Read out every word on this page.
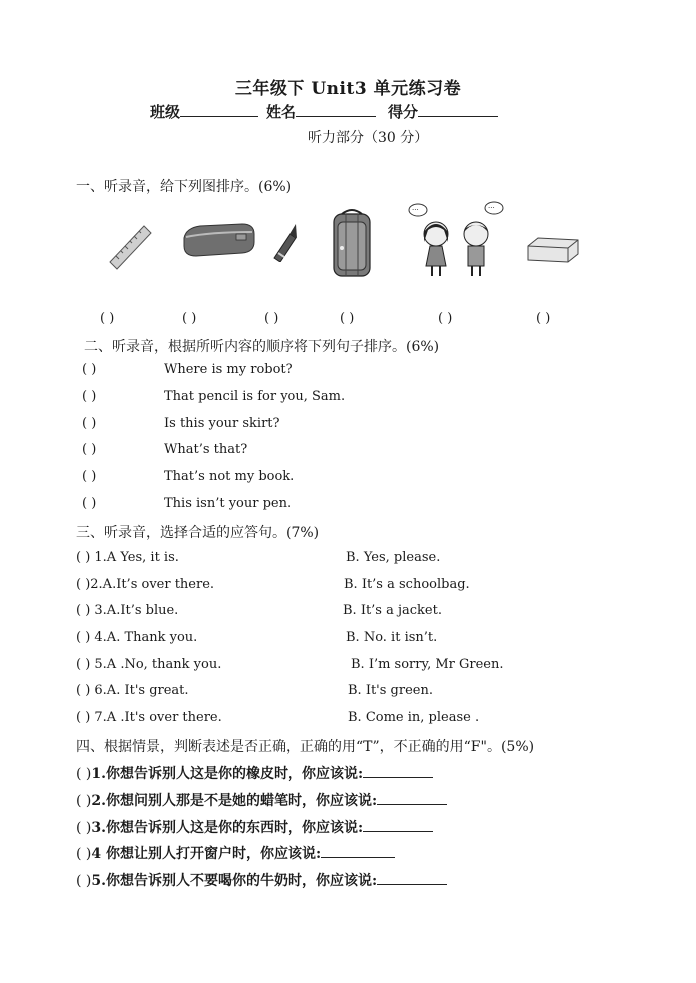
三年级下 Unit3 单元练习卷
班级	姓名	得分
听力部分（30 分）
一、听录音，给下列图排序。(6%)
···	···
( )	( )	( )	( )	( )	( )
二、听录音，根据所听内容的顺序将下列句子排序。(6%)
( )	Where is my robot?
( )	That pencil is for you, Sam.
( )	Is this your skirt?
( )	What’s that?
( )	That’s not my book.
( )	This isn’t your pen.
三、听录音，选择合适的应答句。(7%)
( ) 1.A Yes, it is.	B. Yes, please.
( )2.A.It’s over there.	B. It’s a schoolbag.
( ) 3.A.It’s blue.	B. It’s a jacket.
( ) 4.A. Thank you.	B. No. it isn’t.
( ) 5.A .No, thank you.	B. I’m sorry, Mr Green.
( ) 6.A. It's great.	B. It's green.
( ) 7.A .It's over there.	B. Come in, please .
四、根据情景，判断表述是否正确，正确的用“T”，不正确的用“F"。(5%)
( )1.你想告诉别人这是你的橡皮时，你应该说:
( )2.你想问别人那是不是她的蜡笔时，你应该说:
( )3.你想告诉别人这是你的东西时，你应该说:
( )4 你想让别人打开窗户时，你应该说:
( )5.你想告诉别人不要喝你的牛奶时，你应该说:
